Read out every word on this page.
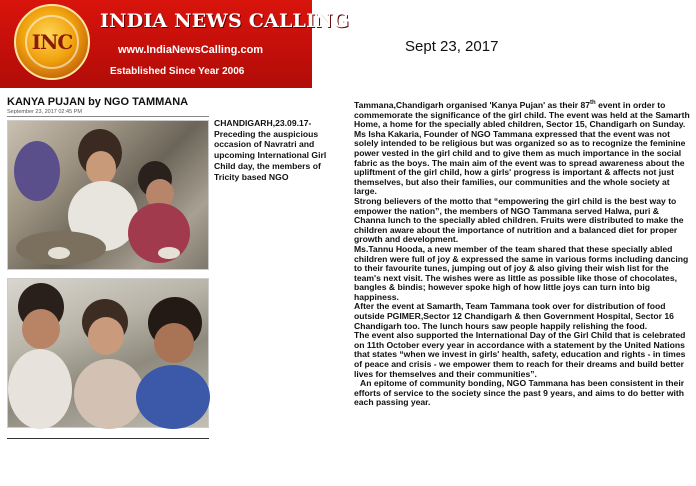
INC
INDIA NEWS CALLING
www.IndiaNewsCalling.com
Established Since Year 2006
Sept 23, 2017
KANYA PUJAN by NGO TAMMANA
September 23, 2017 02:45 PM
CHANDIGARH,23.09.17- Preceding the auspicious occasion of Navratri and upcoming International Girl Child day, the members of Tricity based NGO

Tammana,Chandigarh organised 'Kanya Pujan' as their 87th event in order to commemorate the significance of the girl child. The event was held at the Samarth Home, a home for the specially abled children, Sector 15, Chandigarh on Sunday.

Ms Isha Kakaria, Founder of NGO Tammana expressed that the event was not solely intended to be religious but was organized so as to recognize the feminine power vested in the girl child and to give them as much importance in the social fabric as the boys. The main aim of the event was to spread awareness about the upliftment of the girl child, how a girls' progress is important & affects not just themselves, but also their families, our communities and the whole society at large.

Strong believers of the motto that “empowering the girl child is the best way to empower the nation”, the members of NGO Tammana served Halwa, puri & Channa lunch to the specially abled children. Fruits were distributed to make the children aware about the importance of nutrition and a balanced diet for proper growth and development.

Ms.Tannu Hooda, a new member of the team shared that these specially abled children were full of joy & expressed the same in various forms including dancing to their favourite tunes, jumping out of joy & also giving their wish list for the team's next visit. The wishes were as little as possible like those of chocolates, bangles & bindis; however spoke high of how little joys can turn into big happiness.

After the event at Samarth, Team Tammana took over for distribution of food outside PGIMER,Sector 12 Chandigarh & then Government Hospital, Sector 16 Chandigarh too. The lunch hours saw people happily relishing the food.

The event also supported the International Day of the Girl Child that is celebrated on 11th October every year in accordance with a statement by the United Nations that states “when we invest in girls' health, safety, education and rights - in times of peace and crisis - we empower them to reach for their dreams and build better lives for themselves and their communities”.

An epitome of community bonding, NGO Tammana has been consistent in their efforts of service to the society since the past 9 years, and aims to do better with each passing year.
